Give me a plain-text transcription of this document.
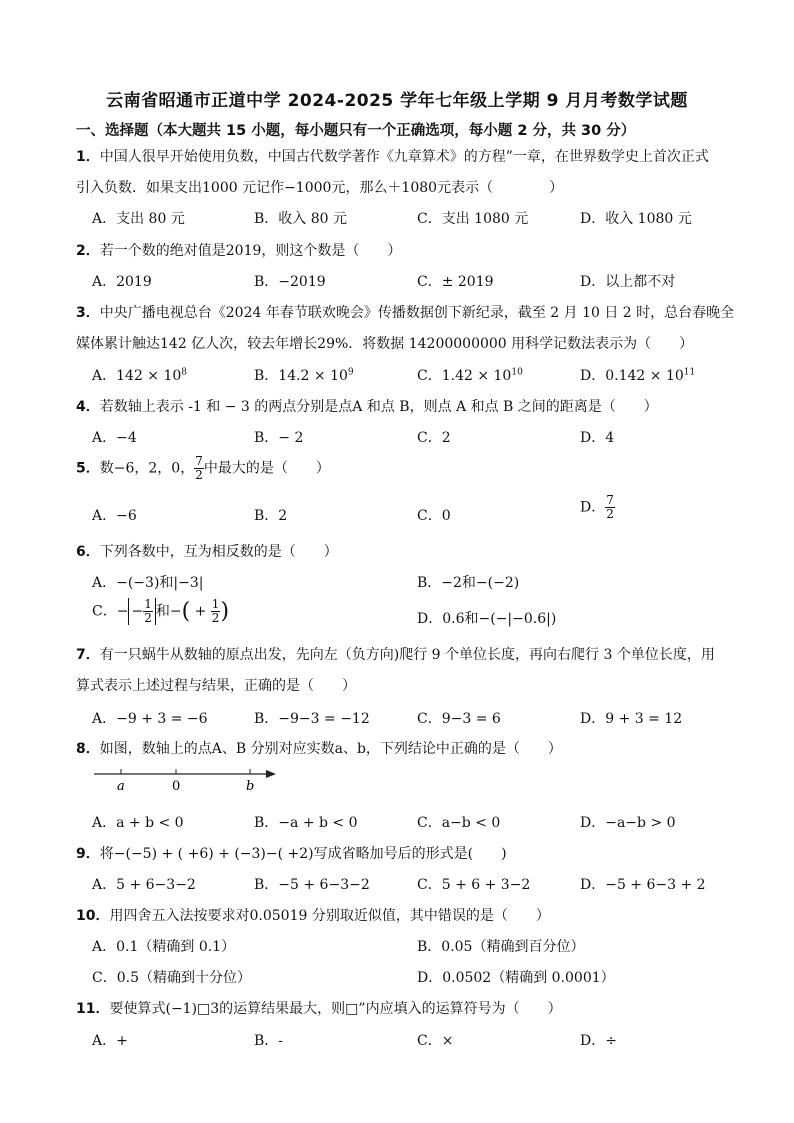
云南省昭通市正道中学 2024-2025 学年七年级上学期 9 月月考数学试题
一、选择题（本大题共 15 小题，每小题只有一个正确选项，每小题 2 分，共 30 分）
1．中国人很早开始使用负数，中国古代数学著作《九章算术》的方程”一章，在世界数学史上首次正式
引入负数．如果支出1000 元记作−1000元，那么＋1080元表示（　　　　）
A．支出 80 元	B．收入 80 元	C．支出 1080 元	D．收入 1080 元
2．若一个数的绝对值是2019，则这个数是（　　）
A．2019	B．−2019	C．± 2019	D．以上都不对
3．中央广播电视总台《2024 年春节联欢晚会》传播数据创下新纪录，截至 2 月 10 日 2 时，总台春晚全
媒体累计触达142 亿人次，较去年增长29%．将数据 14200000000 用科学记数法表示为（　　）
A．$142 \times 10^8$	B．$14.2 \times 10^9$	C．$1.42 \times 10^{10}$	D．$0.142 \times 10^{11}$
4．若数轴上表示 -1 和 − 3 的两点分别是点A 和点 B，则点 A 和点 B 之间的距离是（　　）
A．−4	B．− 2	C．2	D．4
5．数−6，2，0， $\frac{7}{2}$ 中最大的是（　　）
A．−6	B．2	C．0
D． $\frac{7}{2}$
6．下列各数中，互为相反数的是（　　）
A．−(−3)和|−3|	B．−2和−(−2)
C．− − $\frac{1}{2}$ 和−( + $\frac{1}{2}$ )	D．0.6和−(−|−0.6|)
7．有一只蜗牛从数轴的原点出发，先向左（负方向)爬行 9 个单位长度，再向右爬行 3 个单位长度，用
算式表示上述过程与结果，正确的是（　　）
A．−9 + 3 = −6	B．−9−3 = −12	C．9−3 = 6	D．9 + 3 = 12
8．如图，数轴上的点A、B 分别对应实数a、b，下列结论中正确的是（　　）
a	0	b
A．a + b < 0	B．−a + b < 0	C．a−b < 0	D．−a−b > 0
9．将−(−5) + ( +6) + (−3)−( +2)写成省略加号后的形式是(　　)
A．5 + 6−3−2	B．−5 + 6−3−2	C．5 + 6 + 3−2	D．−5 + 6−3 + 2
10．用四舍五入法按要求对0.05019 分别取近似值，其中错误的是（　　）
A．0.1（精确到 0.1）	B．0.05（精确到百分位）
C．0.5（精确到十分位）	D．0.0502（精确到 0.0001）
11．要使算式(−1)□3的运算结果最大，则□”内应填入的运算符号为（　　）
A．+	B．-	C．×	D．÷
